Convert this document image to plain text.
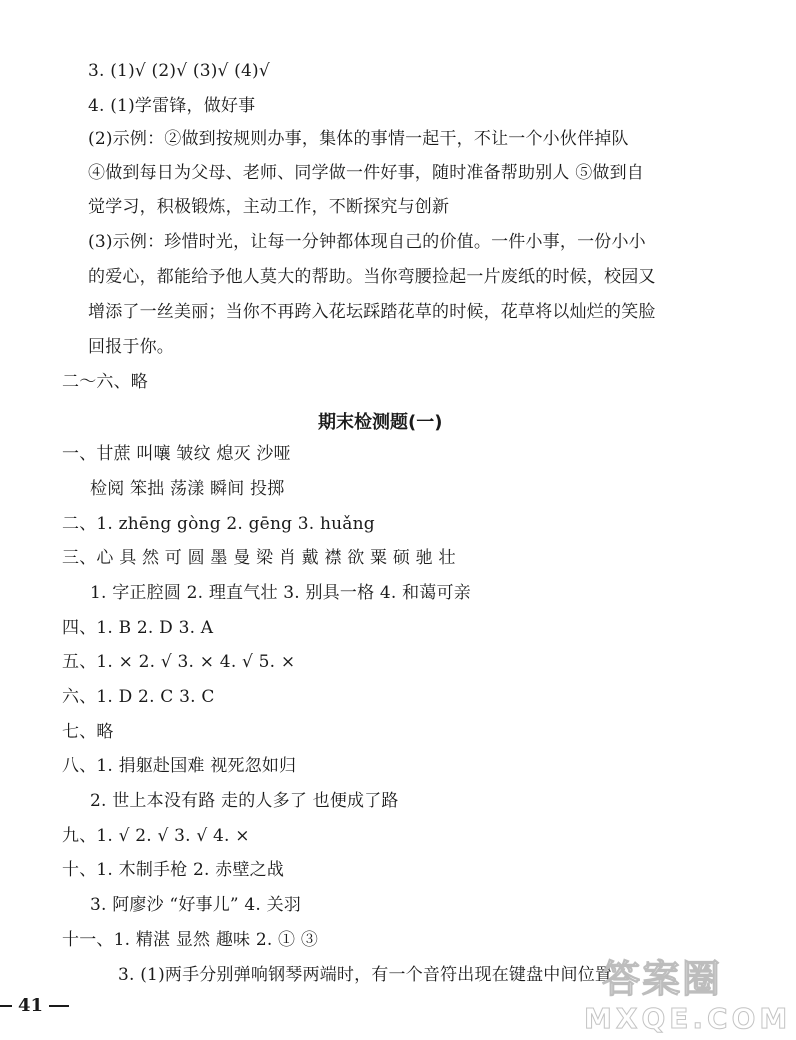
3. (1)√ (2)√ (3)√ (4)√
4. (1)学雷锋，做好事
(2)示例：②做到按规则办事，集体的事情一起干，不让一个小伙伴掉队
④做到每日为父母、老师、同学做一件好事，随时准备帮助别人 ⑤做到自
觉学习，积极锻炼，主动工作，不断探究与创新
(3)示例：珍惜时光，让每一分钟都体现自己的价值。一件小事，一份小小
的爱心，都能给予他人莫大的帮助。当你弯腰捡起一片废纸的时候，校园又
增添了一丝美丽；当你不再跨入花坛踩踏花草的时候，花草将以灿烂的笑脸
回报于你。
二～六、略
期末检测题(一)
一、甘蔗 叫嚷 皱纹 熄灭 沙哑
检阅 笨拙 荡漾 瞬间 投掷
二、1. zhēng gòng 2. gēng 3. huǎng
三、心 具 然 可 圆 墨 曼 梁 肖 戴 襟 欲 粟 硕 驰 壮
1. 字正腔圆 2. 理直气壮 3. 别具一格 4. 和蔼可亲
四、1. B 2. D 3. A
五、1. × 2. √ 3. × 4. √ 5. ×
六、1. D 2. C 3. C
七、略
八、1. 捐躯赴国难 视死忽如归
2. 世上本没有路 走的人多了 也便成了路
九、1. √ 2. √ 3. √ 4. ×
十、1. 木制手枪 2. 赤壁之战
3. 阿廖沙 “好事儿” 4. 关羽
十一、1. 精湛 显然 趣味 2. ① ③
3. (1)两手分别弹响钢琴两端时，有一个音符出现在键盘中间位置
41
答案圈
MXQE.COM
